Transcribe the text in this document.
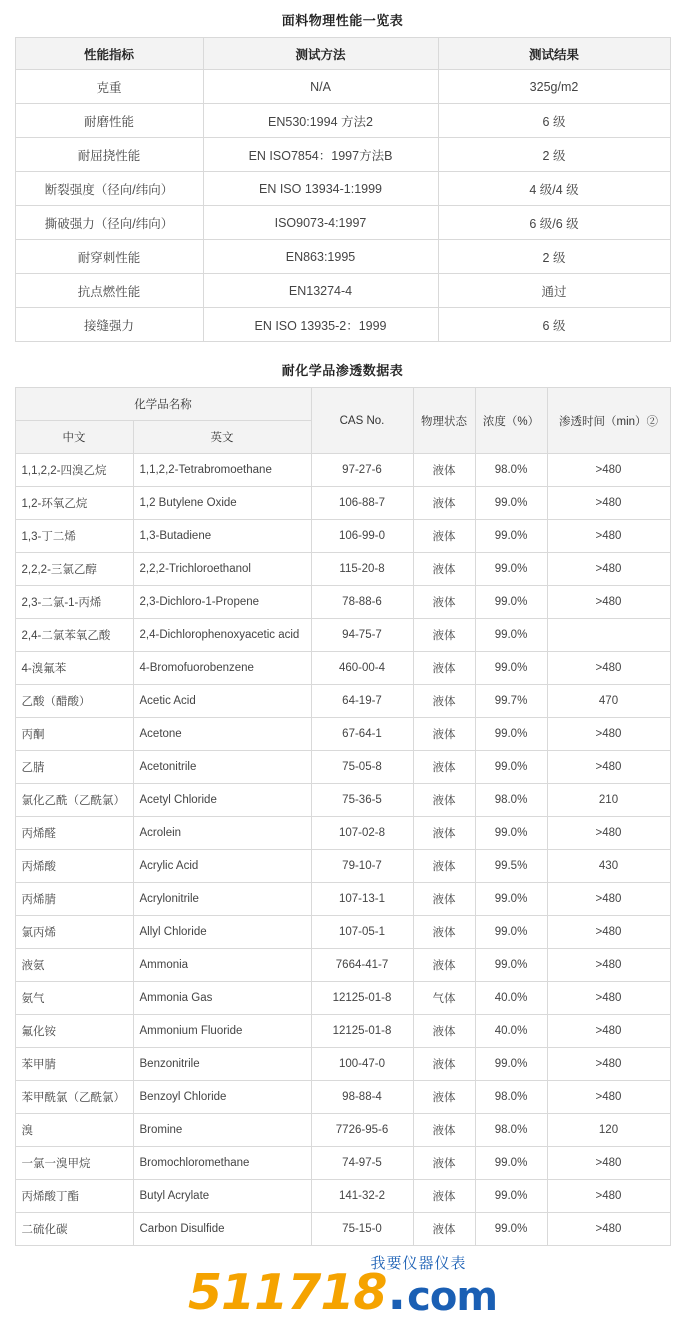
面料物理性能一览表
性能指标	测试方法	测试结果
克重	N/A	325g/m2
耐磨性能	EN530:1994 方法2	6 级
耐屈挠性能	EN ISO7854：1997方法B	2 级
断裂强度（径向/纬向）	EN ISO 13934-1:1999	4 级/4 级
撕破强力（径向/纬向）	ISO9073-4:1997	6 级/6 级
耐穿刺性能	EN863:1995	2 级
抗点燃性能	EN13274-4	通过
接缝强力	EN ISO 13935-2：1999	6 级
耐化学品渗透数据表
化学品名称		CAS No.	物理状态	浓度（%）	渗透时间（min）②
中文	英文				
1,1,2,2-四溴乙烷	1,1,2,2-Tetrabromoethane	97-27-6	液体	98.0%	>480
1,2-环氧乙烷	1,2 Butylene Oxide	106-88-7	液体	99.0%	>480
1,3-丁二烯	1,3-Butadiene	106-99-0	液体	99.0%	>480
2,2,2-三氯乙醇	2,2,2-Trichloroethanol	115-20-8	液体	99.0%	>480
2,3-二氯-1-丙烯	2,3-Dichloro-1-Propene	78-88-6	液体	99.0%	>480
2,4-二氯苯氧乙酸	2,4-Dichlorophenoxyacetic acid	94-75-7	液体	99.0%	
4-溴氟苯	4-Bromofuorobenzene	460-00-4	液体	99.0%	>480
乙酸（醋酸）	Acetic Acid	64-19-7	液体	99.7%	470
丙酮	Acetone	67-64-1	液体	99.0%	>480
乙腈	Acetonitrile	75-05-8	液体	99.0%	>480
氯化乙酰（乙酰氯）	Acetyl Chloride	75-36-5	液体	98.0%	210
丙烯醛	Acrolein	107-02-8	液体	99.0%	>480
丙烯酸	Acrylic Acid	79-10-7	液体	99.5%	430
丙烯腈	Acrylonitrile	107-13-1	液体	99.0%	>480
氯丙烯	Allyl Chloride	107-05-1	液体	99.0%	>480
液氨	Ammonia	7664-41-7	液体	99.0%	>480
氨气	Ammonia Gas	12125-01-8	气体	40.0%	>480
氟化铵	Ammonium Fluoride	12125-01-8	液体	40.0%	>480
苯甲腈	Benzonitrile	100-47-0	液体	99.0%	>480
苯甲酰氯（乙酰氯）	Benzoyl Chloride	98-88-4	液体	98.0%	>480
溴	Bromine	7726-95-6	液体	98.0%	120
一氯一溴甲烷	Bromochloromethane	74-97-5	液体	99.0%	>480
丙烯酸丁酯	Butyl Acrylate	141-32-2	液体	99.0%	>480
二硫化碳	Carbon Disulfide	75-15-0	液体	99.0%	>480
511718 . com
我要仪器仪表
